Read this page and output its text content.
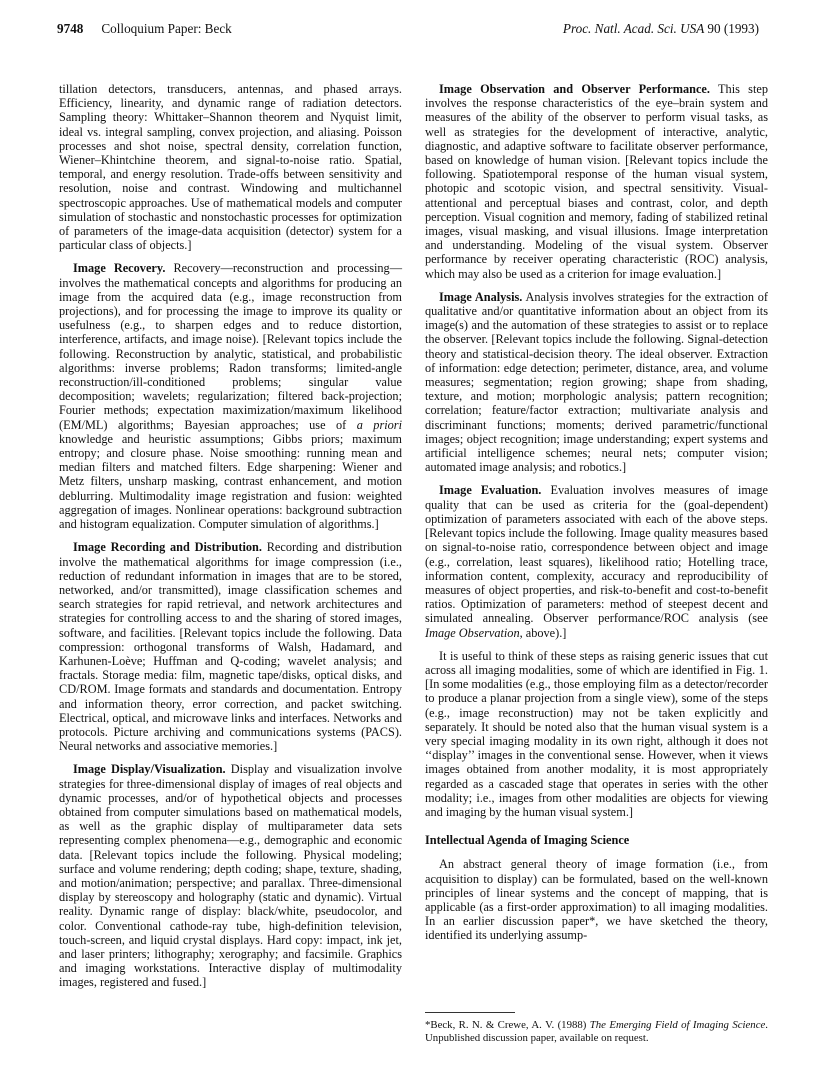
9748 Colloquium Paper: Beck	Proc. Natl. Acad. Sci. USA 90 (1993)

tillation detectors, transducers, antennas, and phased arrays. Efficiency, linearity, and dynamic range of radiation detectors. Sampling theory: Whittaker–Shannon theorem and Nyquist limit, ideal vs. integral sampling, convex projection, and aliasing. Poisson processes and shot noise, spectral density, correlation function, Wiener–Khintchine theorem, and signal-to-noise ratio. Spatial, temporal, and energy resolution. Trade-offs between sensitivity and resolution, noise and contrast. Windowing and multichannel spectroscopic approaches. Use of mathematical models and computer simulation of stochastic and nonstochastic processes for optimization of parameters of the image-data acquisition (detector) system for a particular class of objects.]

Image Recovery. Recovery—reconstruction and processing—involves the mathematical concepts and algorithms for producing an image from the acquired data (e.g., image reconstruction from projections), and for processing the image to improve its quality or usefulness (e.g., to sharpen edges and to reduce distortion, interference, artifacts, and image noise). [Relevant topics include the following. Reconstruction by analytic, statistical, and probabilistic algorithms: inverse problems; Radon transforms; limited-angle reconstruction/ill-conditioned problems; singular value decomposition; wavelets; regularization; filtered back-projection; Fourier methods; expectation maximization/maximum likelihood (EM/ML) algorithms; Bayesian approaches; use of a priori knowledge and heuristic assumptions; Gibbs priors; maximum entropy; and closure phase. Noise smoothing: running mean and median filters and matched filters. Edge sharpening: Wiener and Metz filters, unsharp masking, contrast enhancement, and motion deblurring. Multimodality image registration and fusion: weighted aggregation of images. Nonlinear operations: background subtraction and histogram equalization. Computer simulation of algorithms.]

Image Recording and Distribution. Recording and distribution involve the mathematical algorithms for image compression (i.e., reduction of redundant information in images that are to be stored, networked, and/or transmitted), image classification schemes and search strategies for rapid retrieval, and network architectures and strategies for controlling access to and the sharing of stored images, software, and facilities. [Relevant topics include the following. Data compression: orthogonal transforms of Walsh, Hadamard, and Karhunen-Loève; Huffman and Q-coding; wavelet analysis; and fractals. Storage media: film, magnetic tape/disks, optical disks, and CD/ROM. Image formats and standards and documentation. Entropy and information theory, error correction, and packet switching. Electrical, optical, and microwave links and interfaces. Networks and protocols. Picture archiving and communications systems (PACS). Neural networks and associative memories.]

Image Display/Visualization. Display and visualization involve strategies for three-dimensional display of images of real objects and dynamic processes, and/or of hypothetical objects and processes obtained from computer simulations based on mathematical models, as well as the graphic display of multiparameter data sets representing complex phenomena—e.g., demographic and economic data. [Relevant topics include the following. Physical modeling; surface and volume rendering; depth coding; shape, texture, shading, and motion/animation; perspective; and parallax. Three-dimensional display by stereoscopy and holography (static and dynamic). Virtual reality. Dynamic range of display: black/white, pseudocolor, and color. Conventional cathode-ray tube, high-definition television, touch-screen, and liquid crystal displays. Hard copy: impact, ink jet, and laser printers; lithography; xerography; and facsimile. Graphics and imaging workstations. Interactive display of multimodality images, registered and fused.]

Image Observation and Observer Performance. This step involves the response characteristics of the eye–brain system and measures of the ability of the observer to perform visual tasks, as well as strategies for the development of interactive, analytic, diagnostic, and adaptive software to facilitate observer performance, based on knowledge of human vision. [Relevant topics include the following. Spatiotemporal response of the human visual system, photopic and scotopic vision, and spectral sensitivity. Visual-attentional and perceptual biases and contrast, color, and depth perception. Visual cognition and memory, fading of stabilized retinal images, visual masking, and visual illusions. Image interpretation and understanding. Modeling of the visual system. Observer performance by receiver operating characteristic (ROC) analysis, which may also be used as a criterion for image evaluation.]

Image Analysis. Analysis involves strategies for the extraction of qualitative and/or quantitative information about an object from its image(s) and the automation of these strategies to assist or to replace the observer. [Relevant topics include the following. Signal-detection theory and statistical-decision theory. The ideal observer. Extraction of information: edge detection; perimeter, distance, area, and volume measures; segmentation; region growing; shape from shading, texture, and motion; morphologic analysis; pattern recognition; correlation; feature/factor extraction; multivariate analysis and discriminant functions; moments; derived parametric/functional images; object recognition; image understanding; expert systems and artificial intelligence schemes; neural nets; computer vision; automated image analysis; and robotics.]

Image Evaluation. Evaluation involves measures of image quality that can be used as criteria for the (goal-dependent) optimization of parameters associated with each of the above steps. [Relevant topics include the following. Image quality measures based on signal-to-noise ratio, correspondence between object and image (e.g., correlation, least squares), likelihood ratio; Hotelling trace, information content, complexity, accuracy and reproducibility of measures of object properties, and risk-to-benefit and cost-to-benefit ratios. Optimization of parameters: method of steepest decent and simulated annealing. Observer performance/ROC analysis (see Image Observation, above).]

It is useful to think of these steps as raising generic issues that cut across all imaging modalities, some of which are identified in Fig. 1. [In some modalities (e.g., those employing film as a detector/recorder to produce a planar projection from a single view), some of the steps (e.g., image reconstruction) may not be taken explicitly and separately. It should be noted also that the human visual system is a very special imaging modality in its own right, although it does not ‘‘display’’ images in the conventional sense. However, when it views images obtained from another modality, it is most appropriately regarded as a cascaded stage that operates in series with the other modality; i.e., images from other modalities are objects for viewing and imaging by the human visual system.]

Intellectual Agenda of Imaging Science

An abstract general theory of image formation (i.e., from acquisition to display) can be formulated, based on the well-known principles of linear systems and the concept of mapping, that is applicable (as a first-order approximation) to all imaging modalities. In an earlier discussion paper*, we have sketched the theory, identified its underlying assump-

*Beck, R. N. & Crewe, A. V. (1988) The Emerging Field of Imaging Science. Unpublished discussion paper, available on request.
